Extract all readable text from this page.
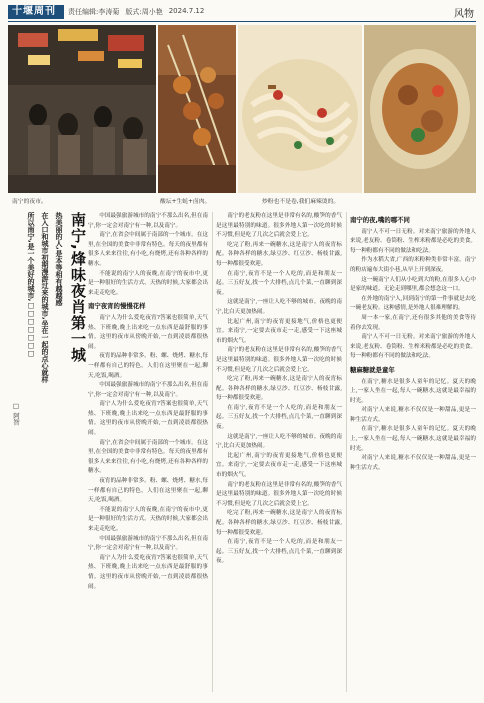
十堰周刊	责任编辑:李涛菊 版式:周小艳 2024.7.12	风物
南宁的夜市。	酸坛+生蚝+卤肉。	炒粉也不是卷,我们麻辣烫的。
南宁,烽味夜肖第一城
热美丽的人,是本等相有越越感
在入口和城市初期漫游过来的城市,坐在一起的点心就样
所以南宁,是一个美好的城市,□□□□□□□
□ 阿智

中国最强旅游城市的南宁不那么出名,但在南宁,你一定会对南宁有一种,以及南宁。

南宁,在省会中间属于南部的一个城市。在这里,在全国的美食中非常有特色。每天的夜里都有很多人来来往往,有小吃,有烧烤,还有各种各样的糖水。

不能说的南宁人的夜晚,在南宁的夜市中,更是一种很好的生活方式。天热的时候,大家都会出来走走吃吃。

南宁夜宵的慢慢花样

南宁人为什么爱吃夜宵?答案也很简单,天气热、下班晚,晚上出来吃一点东西是最舒服的事情。这里的夜市从傍晚开始,一直到凌晨都很热闹。

夜宵的品种非常多。粉、螺、烧烤、糖水,每一样都有自己的特色。人们在这里聚在一起,聊天,吃饭,喝酒。

中国最强旅游城市的南宁不那么出名,但在南宁,你一定会对南宁有一种,以及南宁。

南宁人为什么爱吃夜宵?答案也很简单,天气热、下班晚,晚上出来吃一点东西是最舒服的事情。这里的夜市从傍晚开始,一直到凌晨都很热闹。

南宁,在省会中间属于南部的一个城市。在这里,在全国的美食中非常有特色。每天的夜里都有很多人来来往往,有小吃,有烧烤,还有各种各样的糖水。

夜宵的品种非常多。粉、螺、烧烤、糖水,每一样都有自己的特色。人们在这里聚在一起,聊天,吃饭,喝酒。

不能说的南宁人的夜晚,在南宁的夜市中,更是一种很好的生活方式。天热的时候,大家都会出来走走吃吃。

中国最强旅游城市的南宁不那么出名,但在南宁,你一定会对南宁有一种,以及南宁。

南宁人为什么爱吃夜宵?答案也很简单,天气热、下班晚,晚上出来吃一点东西是最舒服的事情。这里的夜市从傍晚开始,一直到凌晨都很热闹。

南宁的老友粉在这里是非常有名的,酸笋的香气是这里最特别的味道。很多外地人第一次吃的时候不习惯,但是吃了几次之后就会爱上它。

吃完了粉,再来一碗糖水,这是南宁人的夜宵标配。各种各样的糖水,绿豆沙、红豆沙、杨枝甘露,每一种都很受欢迎。

在南宁,夜宵不是一个人吃的,而是和朋友一起。三五好友,找一个大排档,点几个菜,一直聊到深夜。

这就是南宁,一座让人吃不够的城市。夜晚的南宁,比白天更加热闹。

比起广州,南宁的夜宵更接地气,价格也更便宜。来南宁,一定要去夜市走一走,感受一下这座城市的烟火气。

南宁的老友粉在这里是非常有名的,酸笋的香气是这里最特别的味道。很多外地人第一次吃的时候不习惯,但是吃了几次之后就会爱上它。

吃完了粉,再来一碗糖水,这是南宁人的夜宵标配。各种各样的糖水,绿豆沙、红豆沙、杨枝甘露,每一种都很受欢迎。

在南宁,夜宵不是一个人吃的,而是和朋友一起。三五好友,找一个大排档,点几个菜,一直聊到深夜。

这就是南宁,一座让人吃不够的城市。夜晚的南宁,比白天更加热闹。

比起广州,南宁的夜宵更接地气,价格也更便宜。来南宁,一定要去夜市走一走,感受一下这座城市的烟火气。

南宁的老友粉在这里是非常有名的,酸笋的香气是这里最特别的味道。很多外地人第一次吃的时候不习惯,但是吃了几次之后就会爱上它。

吃完了粉,再来一碗糖水,这是南宁人的夜宵标配。各种各样的糖水,绿豆沙、红豆沙、杨枝甘露,每一种都很受欢迎。

在南宁,夜宵不是一个人吃的,而是和朋友一起。三五好友,找一个大排档,点几个菜,一直聊到深夜。

南宁的夜,嘴的哪不同

南宁人不可一日无粉。对来南宁旅游的外地人来说,老友粉、卷筒粉、生榨米粉都是必吃的美食。每一种粉都有不同的做法和吃法。

作为水稻大省,广西的米粉种类非常丰富。南宁的粉店遍布大街小巷,从早上开到深夜。

这一碗南宁人们从小吃到大的粉,在很多人心中是家的味道。无论走到哪里,都会想念这一口。

在外地的南宁人,回到南宁的第一件事就是去吃一碗老友粉。这种感情,是外地人很难理解的。

周一本一家,在南宁,还有很多其他的美食等待着你去发现。

南宁人不可一日无粉。对来南宁旅游的外地人来说,老友粉、卷筒粉、生榨米粉都是必吃的美食。每一种粉都有不同的做法和吃法。

糖麻糖就是童年

在南宁,糖水是很多人童年的记忆。夏天的晚上,一家人坐在一起,每人一碗糖水,这就是最幸福的时光。

对南宁人来说,糖水不仅仅是一种甜品,更是一种生活方式。

在南宁,糖水是很多人童年的记忆。夏天的晚上,一家人坐在一起,每人一碗糖水,这就是最幸福的时光。

对南宁人来说,糖水不仅仅是一种甜品,更是一种生活方式。
